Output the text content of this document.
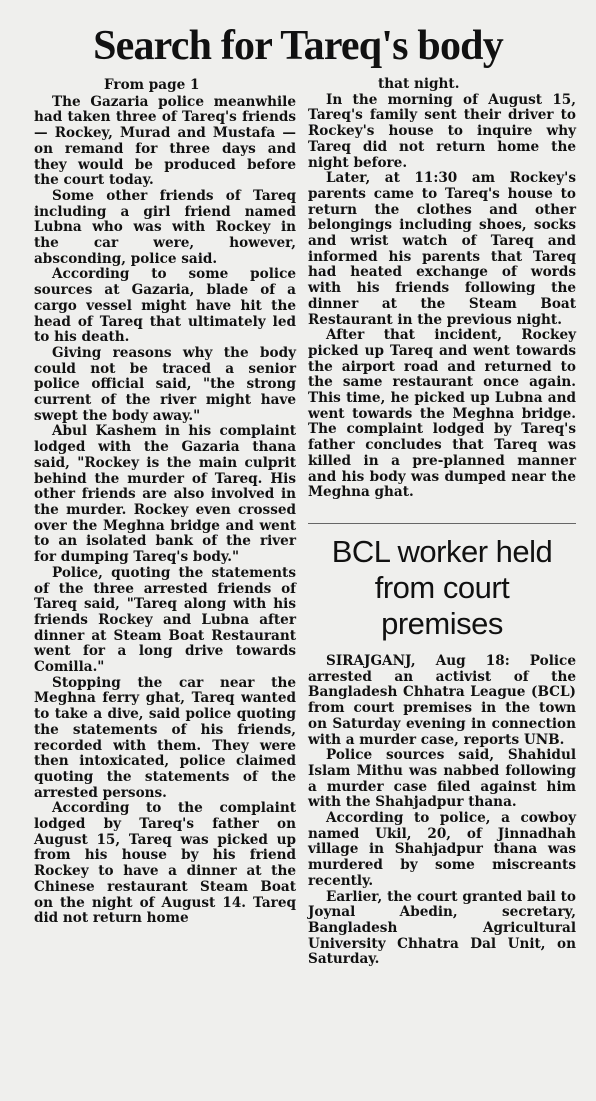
Search for Tareq's body

From page 1

The Gazaria police meanwhile had taken three of Tareq's friends — Rockey, Murad and Mustafa — on remand for three days and they would be produced before the court today.

Some other friends of Tareq including a girl friend named Lubna who was with Rockey in the car were, however, absconding, police said.

According to some police sources at Gazaria, blade of a cargo vessel might have hit the head of Tareq that ultimately led to his death.

Giving reasons why the body could not be traced a senior police official said, "the strong current of the river might have swept the body away."

Abul Kashem in his complaint lodged with the Gazaria thana said, "Rockey is the main culprit behind the murder of Tareq. His other friends are also involved in the murder. Rockey even crossed over the Meghna bridge and went to an isolated bank of the river for dumping Tareq's body."

Police, quoting the statements of the three arrested friends of Tareq said, "Tareq along with his friends Rockey and Lubna after dinner at Steam Boat Restaurant went for a long drive towards Comilla."

Stopping the car near the Meghna ferry ghat, Tareq wanted to take a dive, said police quoting the statements of his friends, recorded with them. They were then intoxicated, police claimed quoting the statements of the arrested persons.

According to the complaint lodged by Tareq's father on August 15, Tareq was picked up from his house by his friend Rockey to have a dinner at the Chinese restaurant Steam Boat on the night of August 14. Tareq did not return home

that night.

In the morning of August 15, Tareq's family sent their driver to Rockey's house to inquire why Tareq did not return home the night before.

Later, at 11:30 am Rockey's parents came to Tareq's house to return the clothes and other belongings including shoes, socks and wrist watch of Tareq and informed his parents that Tareq had heated exchange of words with his friends following the dinner at the Steam Boat Restaurant in the previous night.

After that incident, Rockey picked up Tareq and went towards the airport road and returned to the same restaurant once again. This time, he picked up Lubna and went towards the Meghna bridge. The complaint lodged by Tareq's father concludes that Tareq was killed in a pre-planned manner and his body was dumped near the Meghna ghat.

BCL worker held
from court
premises

SIRAJGANJ, Aug 18: Police arrested an activist of the Bangladesh Chhatra League (BCL) from court premises in the town on Saturday evening in connection with a murder case, reports UNB.

Police sources said, Shahidul Islam Mithu was nabbed following a murder case filed against him with the Shahjadpur thana.

According to police, a cowboy named Ukil, 20, of Jinnadhah village in Shahjadpur thana was murdered by some miscreants recently.

Earlier, the court granted bail to Joynal Abedin, secretary, Bangladesh Agricultural University Chhatra Dal Unit, on Saturday.
